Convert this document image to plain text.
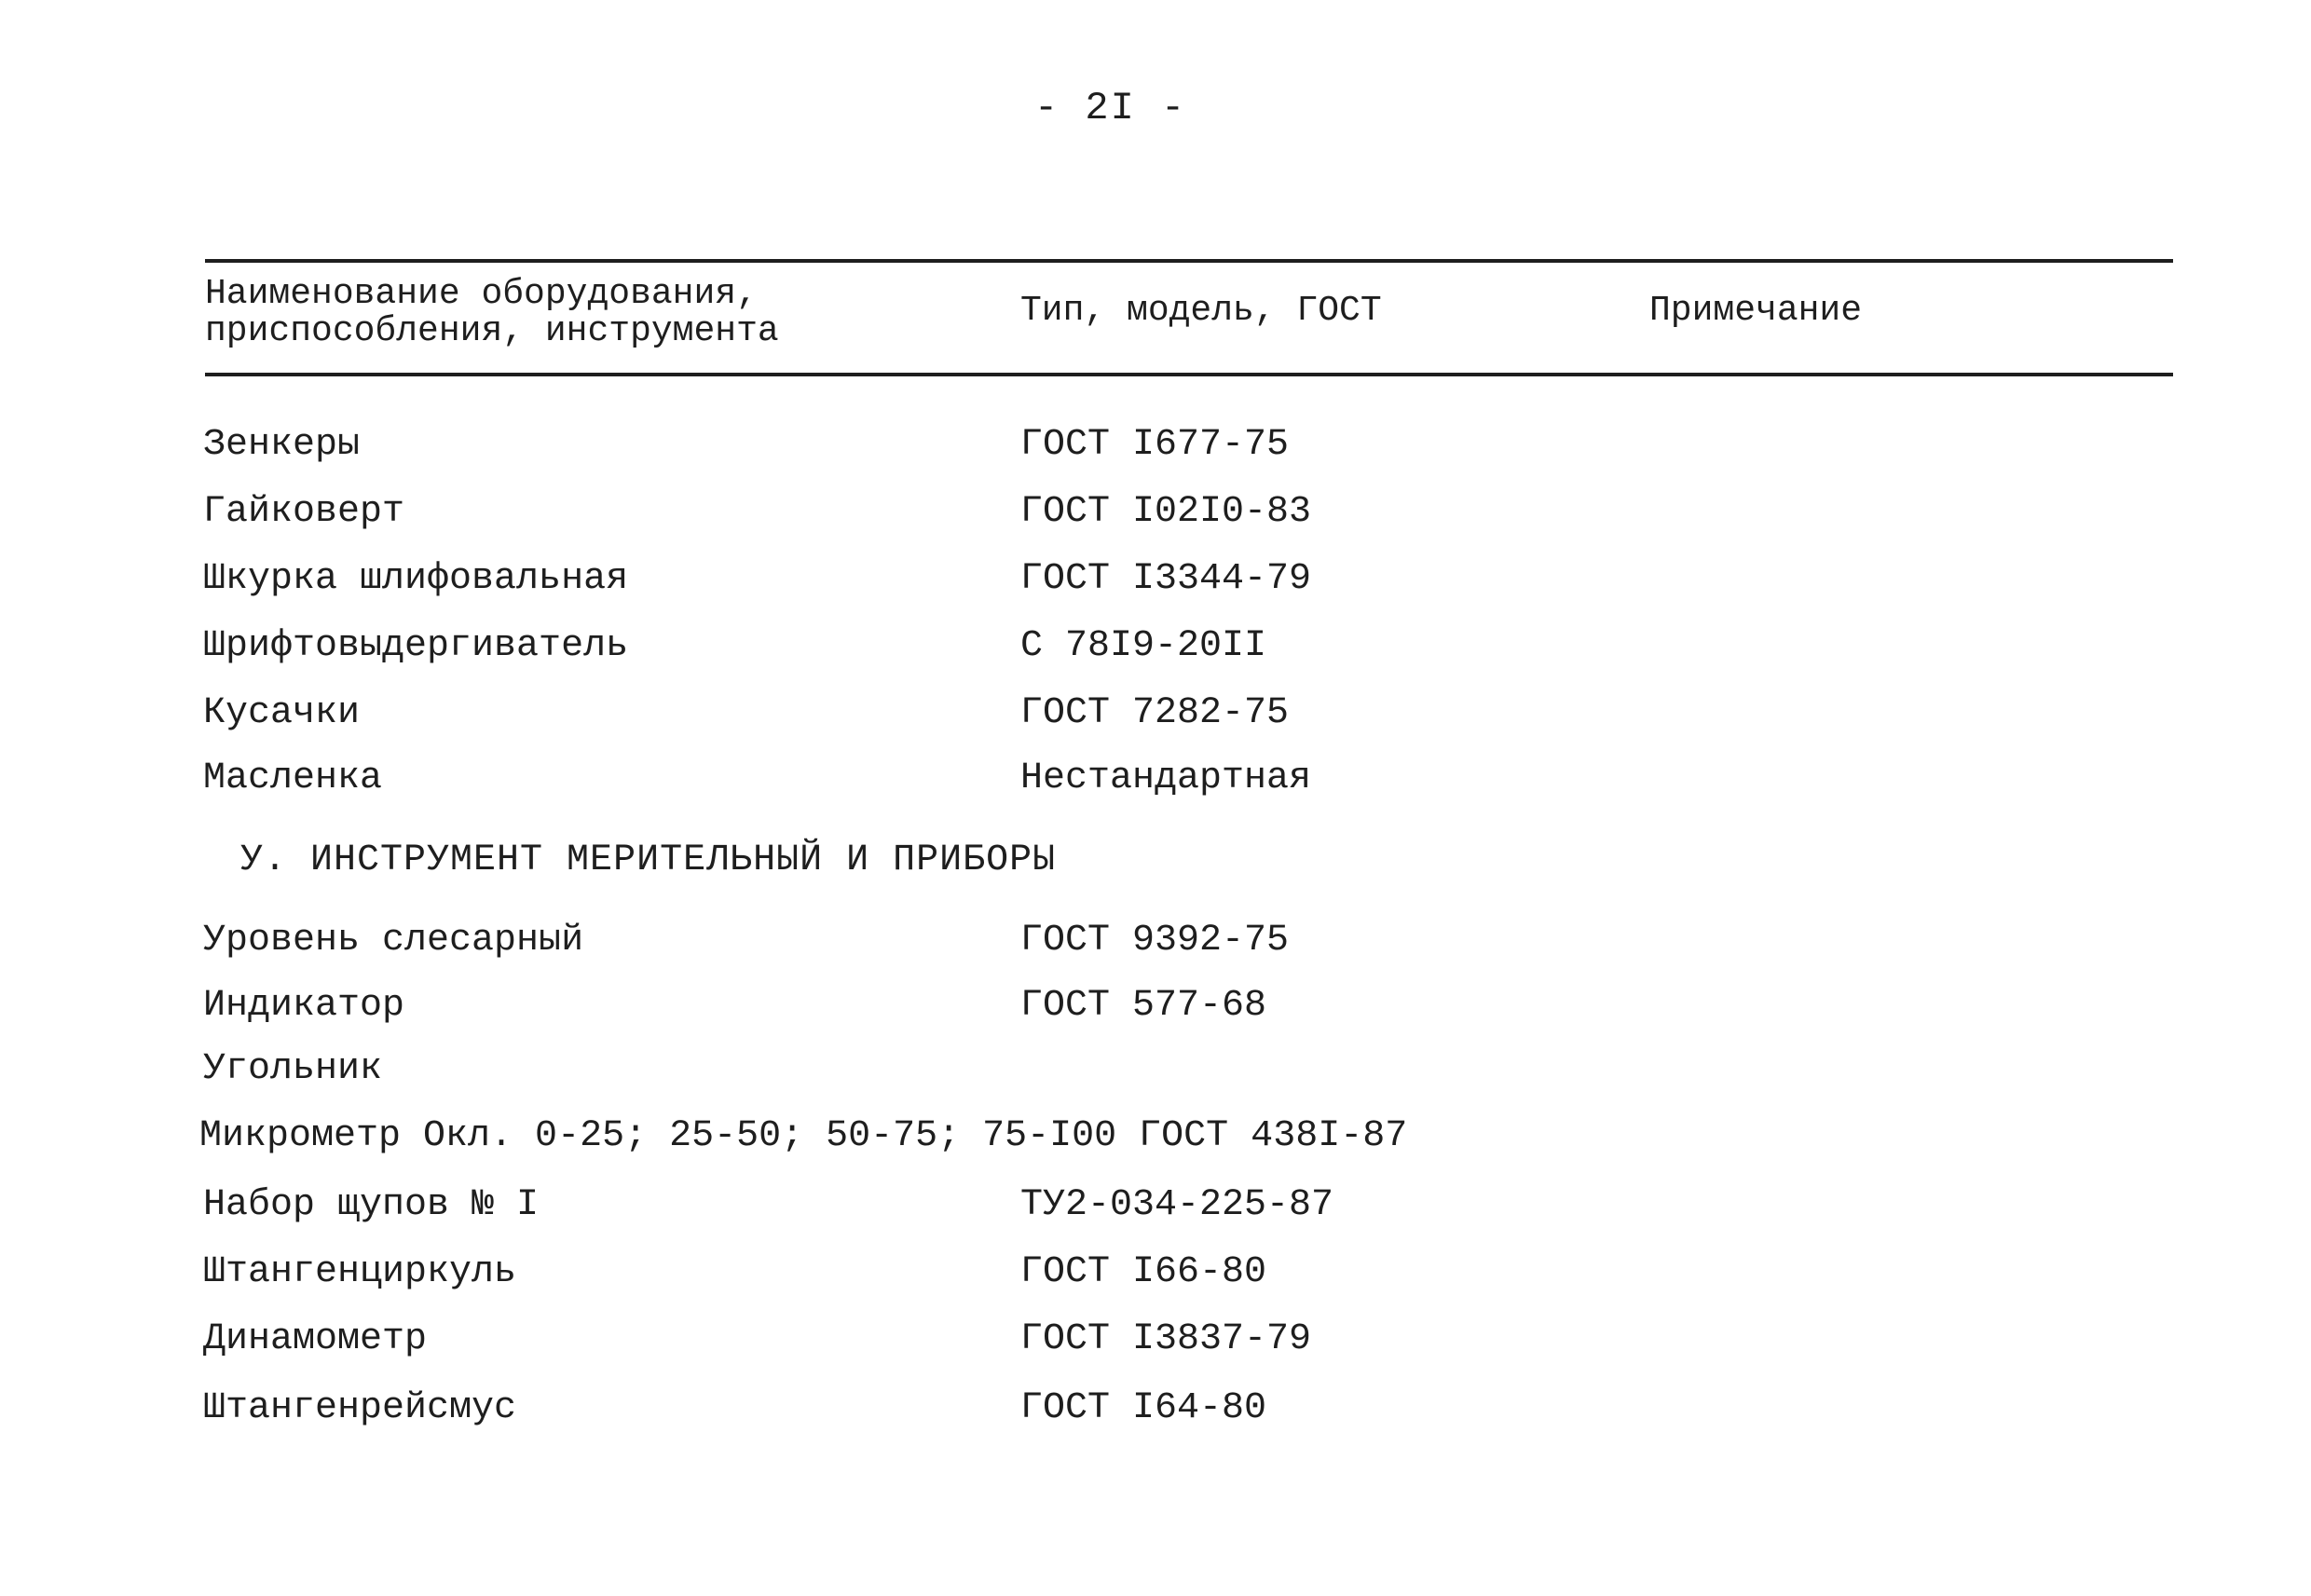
- 2I -
Наименование оборудования,
приспособления, инструмента
Тип, модель, ГОСТ	Примечание
Зенкеры	ГОСТ I677-75
Гайковерт	ГОСТ I02I0-83
Шкурка шлифовальная	ГОСТ I3344-79
Шрифтовыдергиватель	С 78I9-20II
Кусачки	ГОСТ 7282-75
Масленка	Нестандартная
У. ИНСТРУМЕНТ МЕРИТЕЛЬНЫЙ И ПРИБОРЫ
Уровень слесарный	ГОСТ 9392-75
Индикатор	ГОСТ 577-68
Угольник
Микрометр Окл. 0-25; 25-50; 50-75; 75-I00 ГОСТ 438I-87
Набор щупов № I	ТУ2-034-225-87
Штангенциркуль	ГОСТ I66-80
Динамометр	ГОСТ I3837-79
Штангенрейсмус	ГОСТ I64-80
